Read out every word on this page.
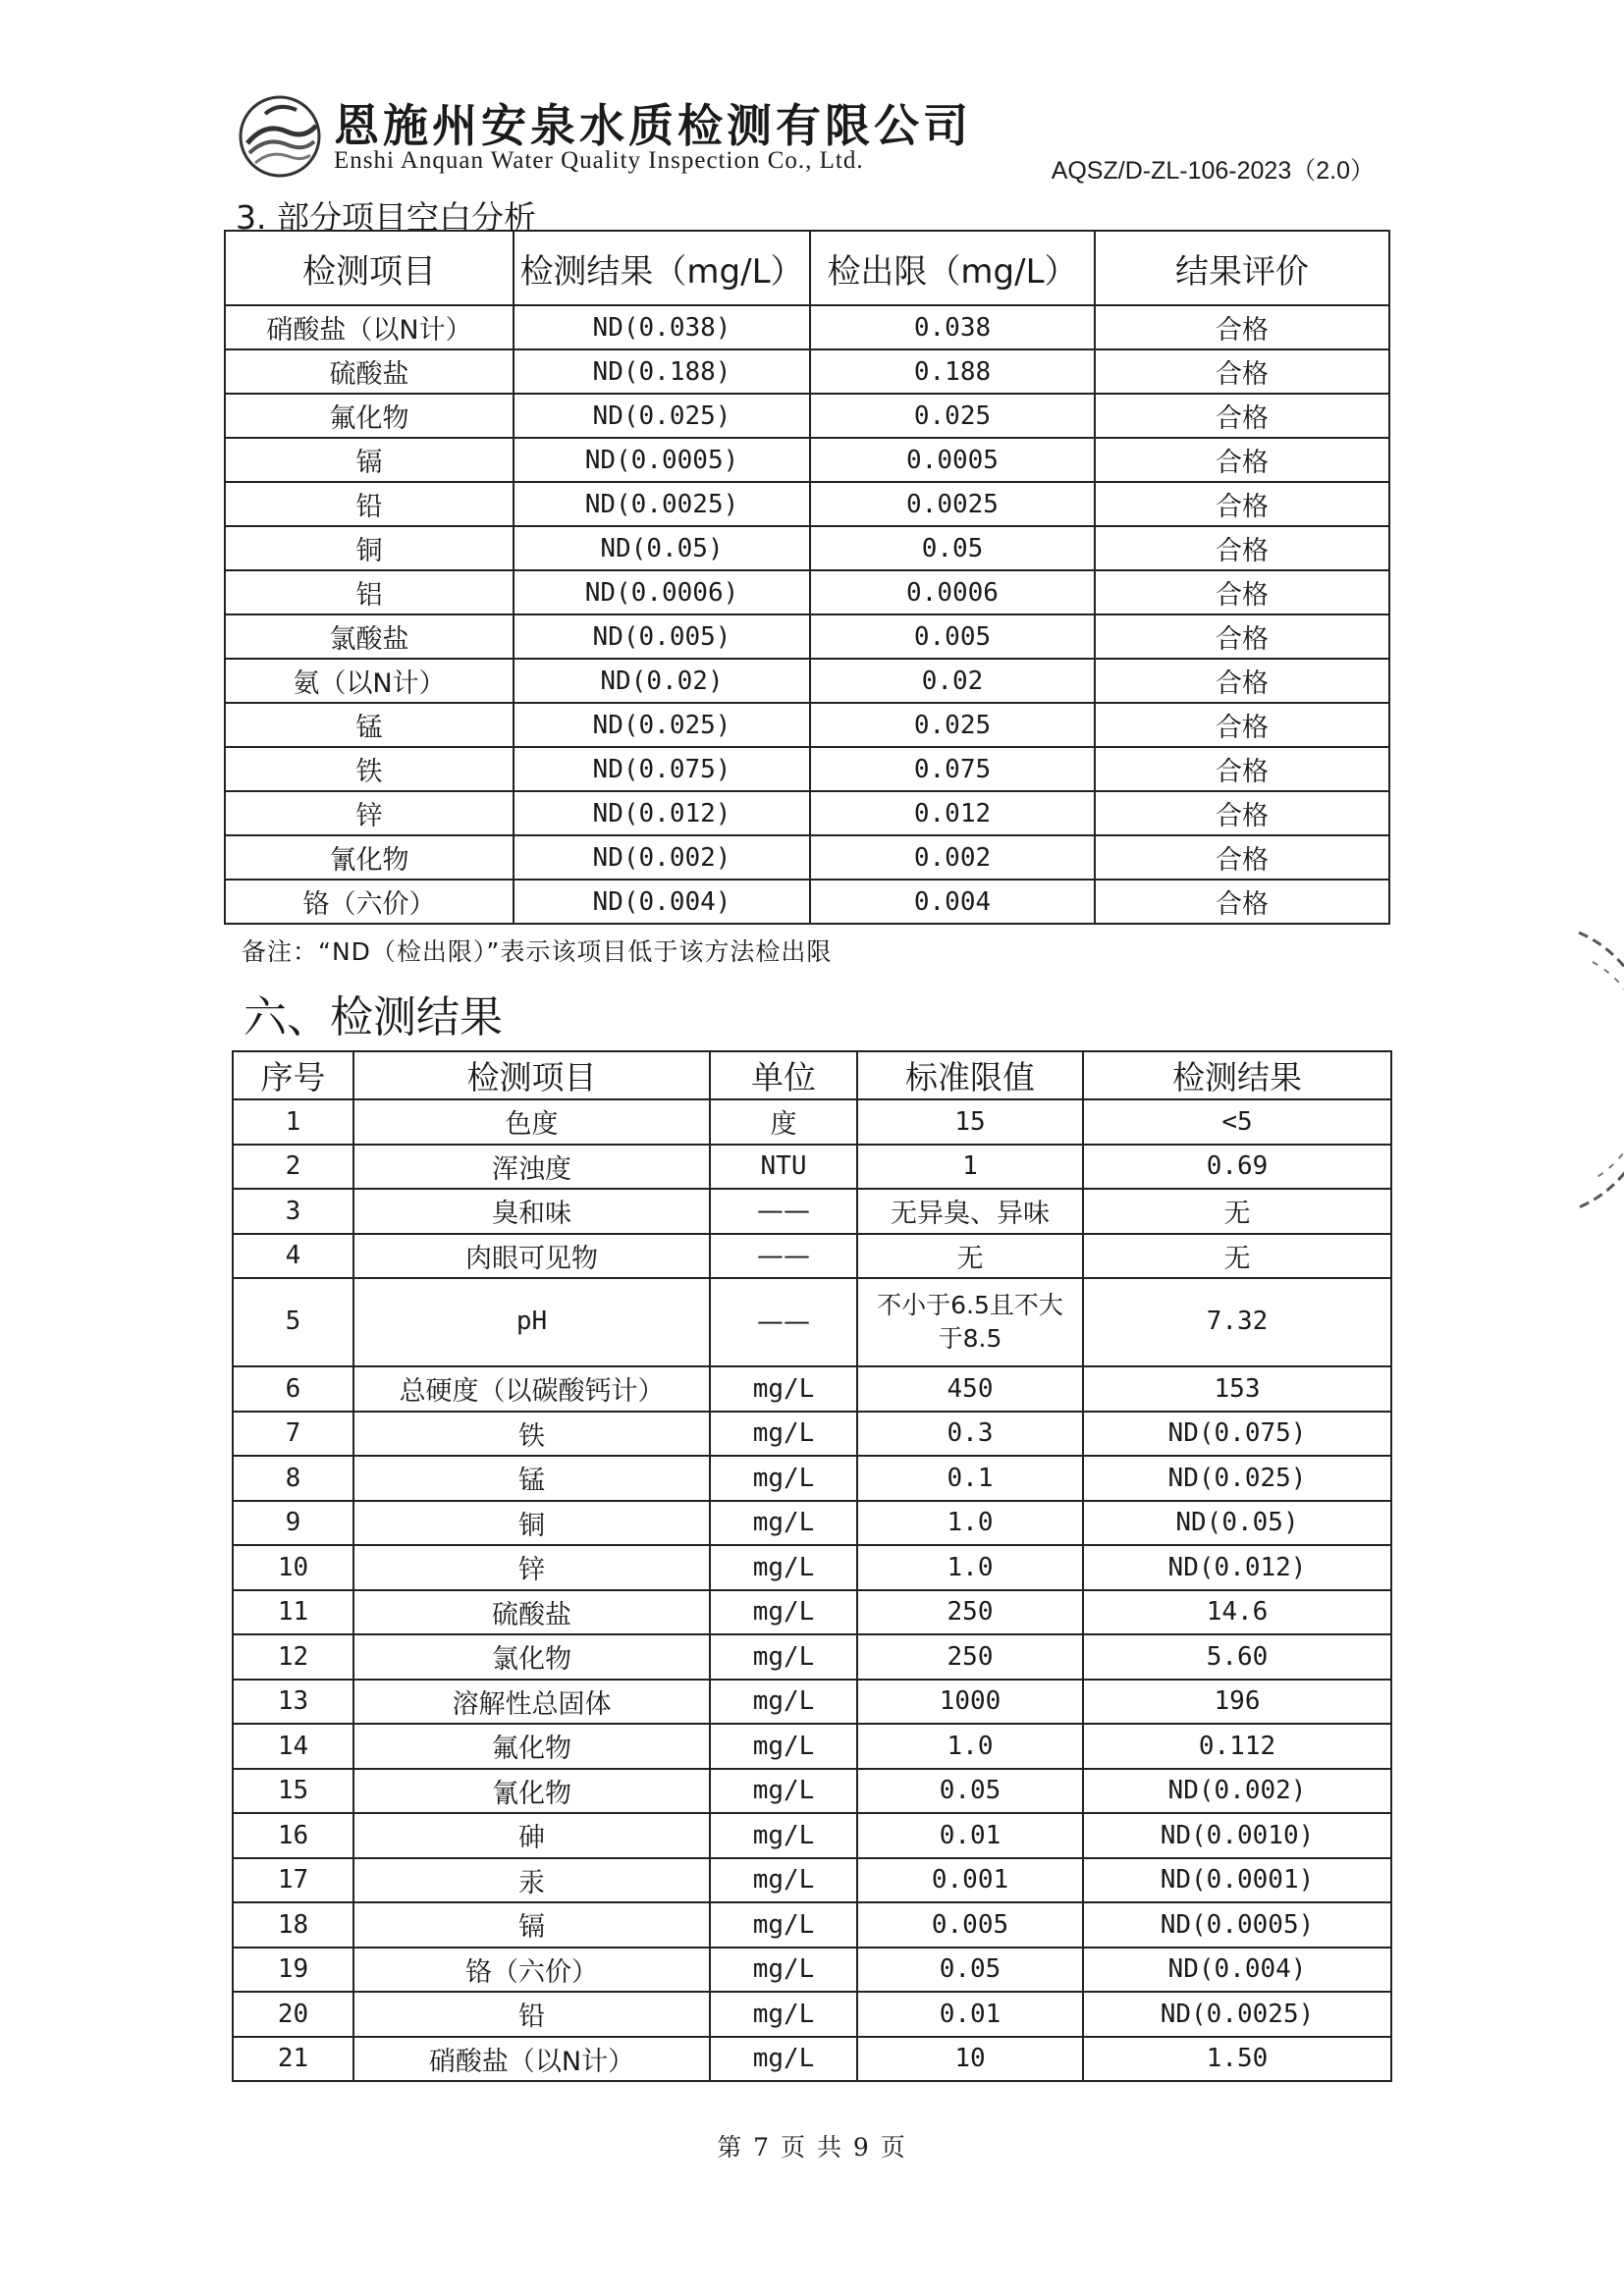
恩施州安泉水质检测有限公司
Enshi Anquan Water Quality Inspection Co., Ltd.	AQSZ/D-ZL-106-2023（2.0）
3. 部分项目空白分析
检测项目	检测结果（mg/L）	检出限（mg/L）	结果评价
硝酸盐（以N计）	ND(0.038)	0.038	合格
硫酸盐	ND(0.188)	0.188	合格
氟化物	ND(0.025)	0.025	合格
镉	ND(0.0005)	0.0005	合格
铅	ND(0.0025)	0.0025	合格
铜	ND(0.05)	0.05	合格
铝	ND(0.0006)	0.0006	合格
氯酸盐	ND(0.005)	0.005	合格
氨（以N计）	ND(0.02)	0.02	合格
锰	ND(0.025)	0.025	合格
铁	ND(0.075)	0.075	合格
锌	ND(0.012)	0.012	合格
氰化物	ND(0.002)	0.002	合格
铬（六价）	ND(0.004)	0.004	合格
备注：“ND（检出限）”表示该项目低于该方法检出限
六、检测结果
序号	检测项目	单位	标准限值	检测结果
1	色度	度	15	<5
2	浑浊度	NTU	1	0.69
3	臭和味	——	无异臭、异味	无
4	肉眼可见物	——	无	无
5	pH	——	不小于6.5且不大于8.5	7.32
6	总硬度（以碳酸钙计）	mg/L	450	153
7	铁	mg/L	0.3	ND(0.075)
8	锰	mg/L	0.1	ND(0.025)
9	铜	mg/L	1.0	ND(0.05)
10	锌	mg/L	1.0	ND(0.012)
11	硫酸盐	mg/L	250	14.6
12	氯化物	mg/L	250	5.60
13	溶解性总固体	mg/L	1000	196
14	氟化物	mg/L	1.0	0.112
15	氰化物	mg/L	0.05	ND(0.002)
16	砷	mg/L	0.01	ND(0.0010)
17	汞	mg/L	0.001	ND(0.0001)
18	镉	mg/L	0.005	ND(0.0005)
19	铬（六价）	mg/L	0.05	ND(0.004)
20	铅	mg/L	0.01	ND(0.0025)
21	硝酸盐（以N计）	mg/L	10	1.50
第 7 页 共 9 页
